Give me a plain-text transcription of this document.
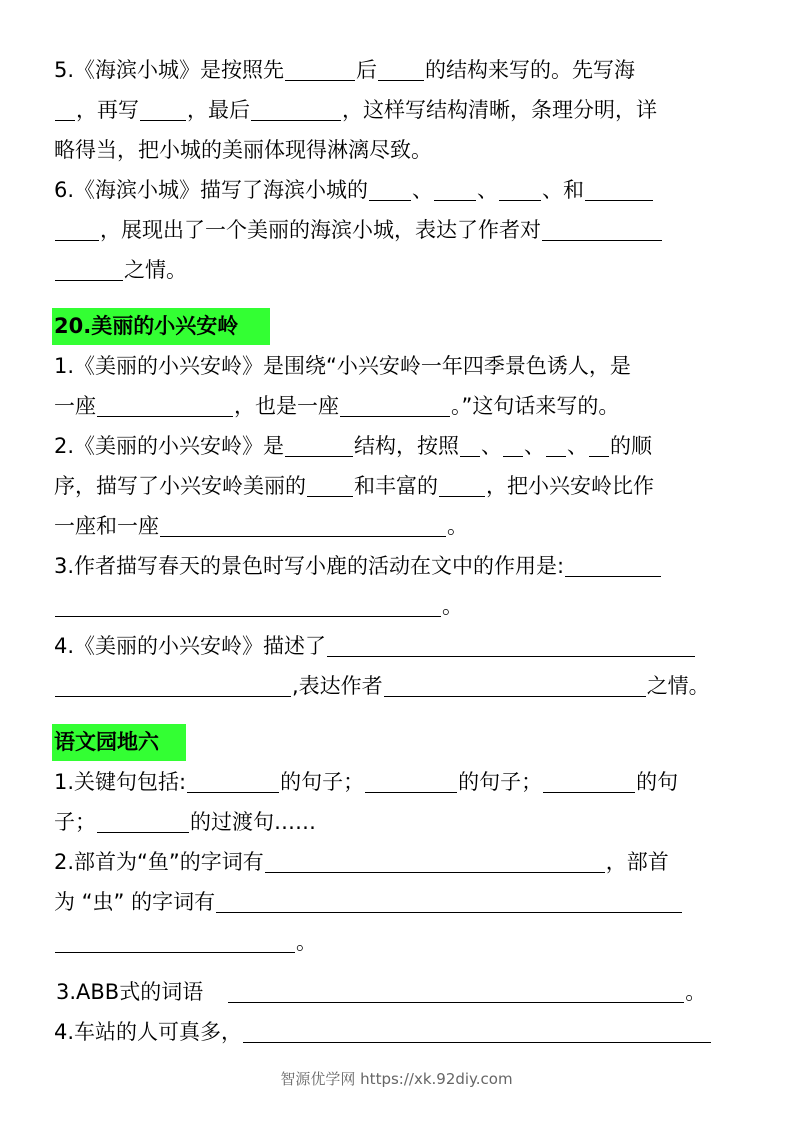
5.《海滨小城》是按照先	后 的结构来写的。先写海
，再写 ，最后	，这样写结构清晰，条理分明，详
略得当，把小城的美丽体现得淋漓尽致。
6.《海滨小城》描写了海滨小城的 、 、 、和
，展现出了一个美丽的海滨小城，表达了作者对
之情。
20.美丽的小兴安岭
1.《美丽的小兴安岭》是围绕“小兴安岭一年四季景色诱人，是
一座	，也是一座	。”这句话来写的。
2.《美丽的小兴安岭》是	结构，按照 、 、 、 的顺
序，描写了小兴安岭美丽的 和丰富的 ，把小兴安岭比作
一座和一座	。
3.作者描写春天的景色时写小鹿的活动在文中的作用是:
。
4.《美丽的小兴安岭》描述了
,表达作者	之情。
语文园地六
1.关键句包括:	的句子；	的句子；	的句
子；	的过渡句……
2.部首为“鱼”的字词有	，部首
为 “虫” 的字词有
。
3.ABB式的词语	。
4.车站的人可真多，
智源优学网 https://xk.92diy.com
